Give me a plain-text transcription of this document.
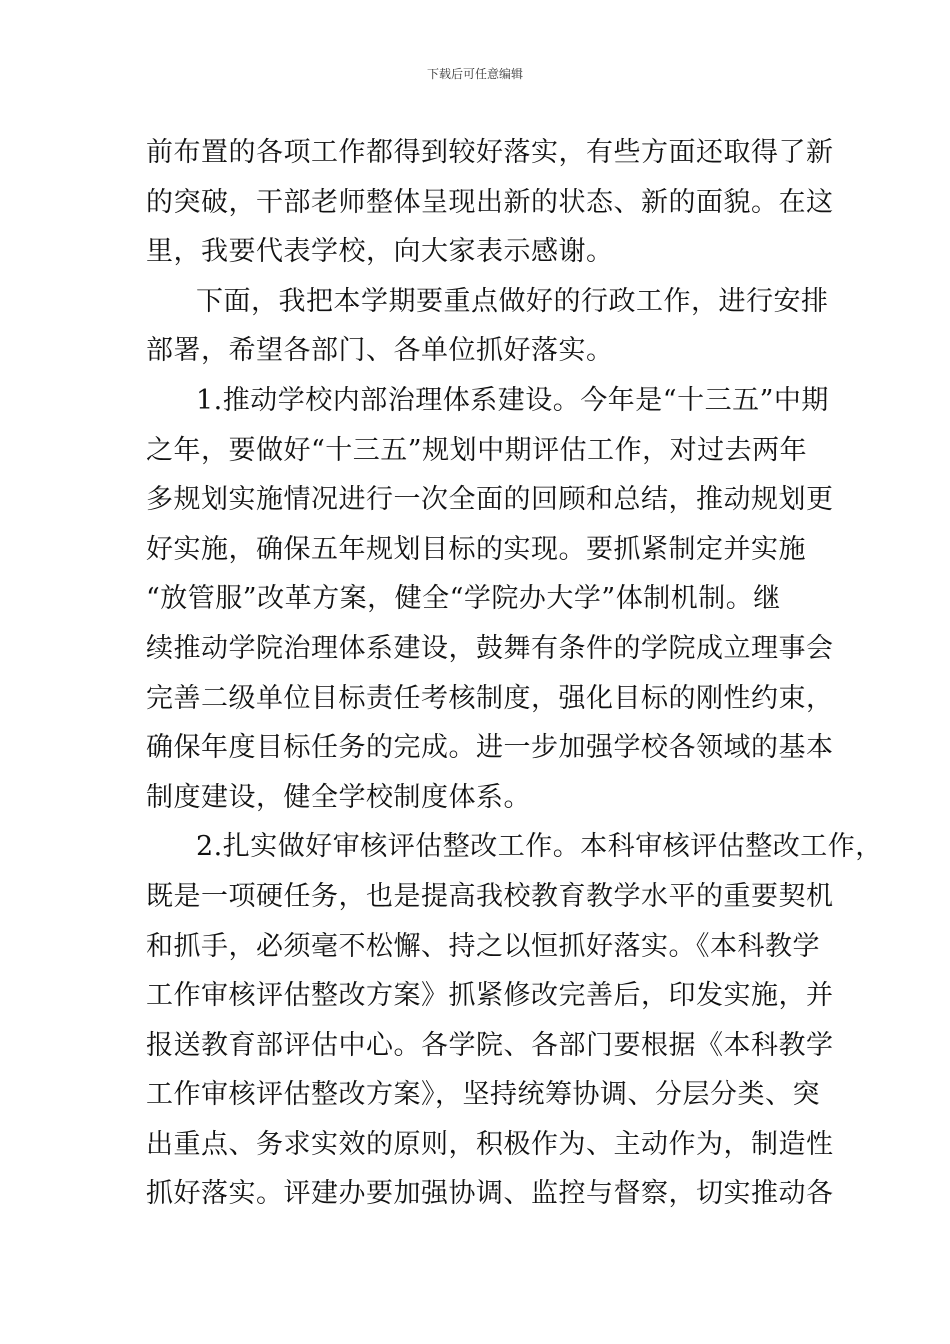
下载后可任意编辑
前布置的各项工作都得到较好落实，有些方面还取得了新
的突破，干部老师整体呈现出新的状态、新的面貌。在这
里，我要代表学校，向大家表示感谢。
下面，我把本学期要重点做好的行政工作，进行安排
部署，希望各部门、各单位抓好落实。
1.推动学校内部治理体系建设。今年是“十三五”中期
之年，要做好“十三五”规划中期评估工作，对过去两年
多规划实施情况进行一次全面的回顾和总结，推动规划更
好实施，确保五年规划目标的实现。要抓紧制定并实施
“放管服”改革方案，健全“学院办大学”体制机制。继
续推动学院治理体系建设，鼓舞有条件的学院成立理事会
完善二级单位目标责任考核制度，强化目标的刚性约束，
确保年度目标任务的完成。进一步加强学校各领域的基本
制度建设，健全学校制度体系。
2.扎实做好审核评估整改工作。本科审核评估整改工作，
既是一项硬任务，也是提高我校教育教学水平的重要契机
和抓手，必须毫不松懈、持之以恒抓好落实。《本科教学
工作审核评估整改方案》抓紧修改完善后，印发实施，并
报送教育部评估中心。各学院、各部门要根据《本科教学
工作审核评估整改方案》，坚持统筹协调、分层分类、突
出重点、务求实效的原则，积极作为、主动作为，制造性
抓好落实。评建办要加强协调、监控与督察，切实推动各
